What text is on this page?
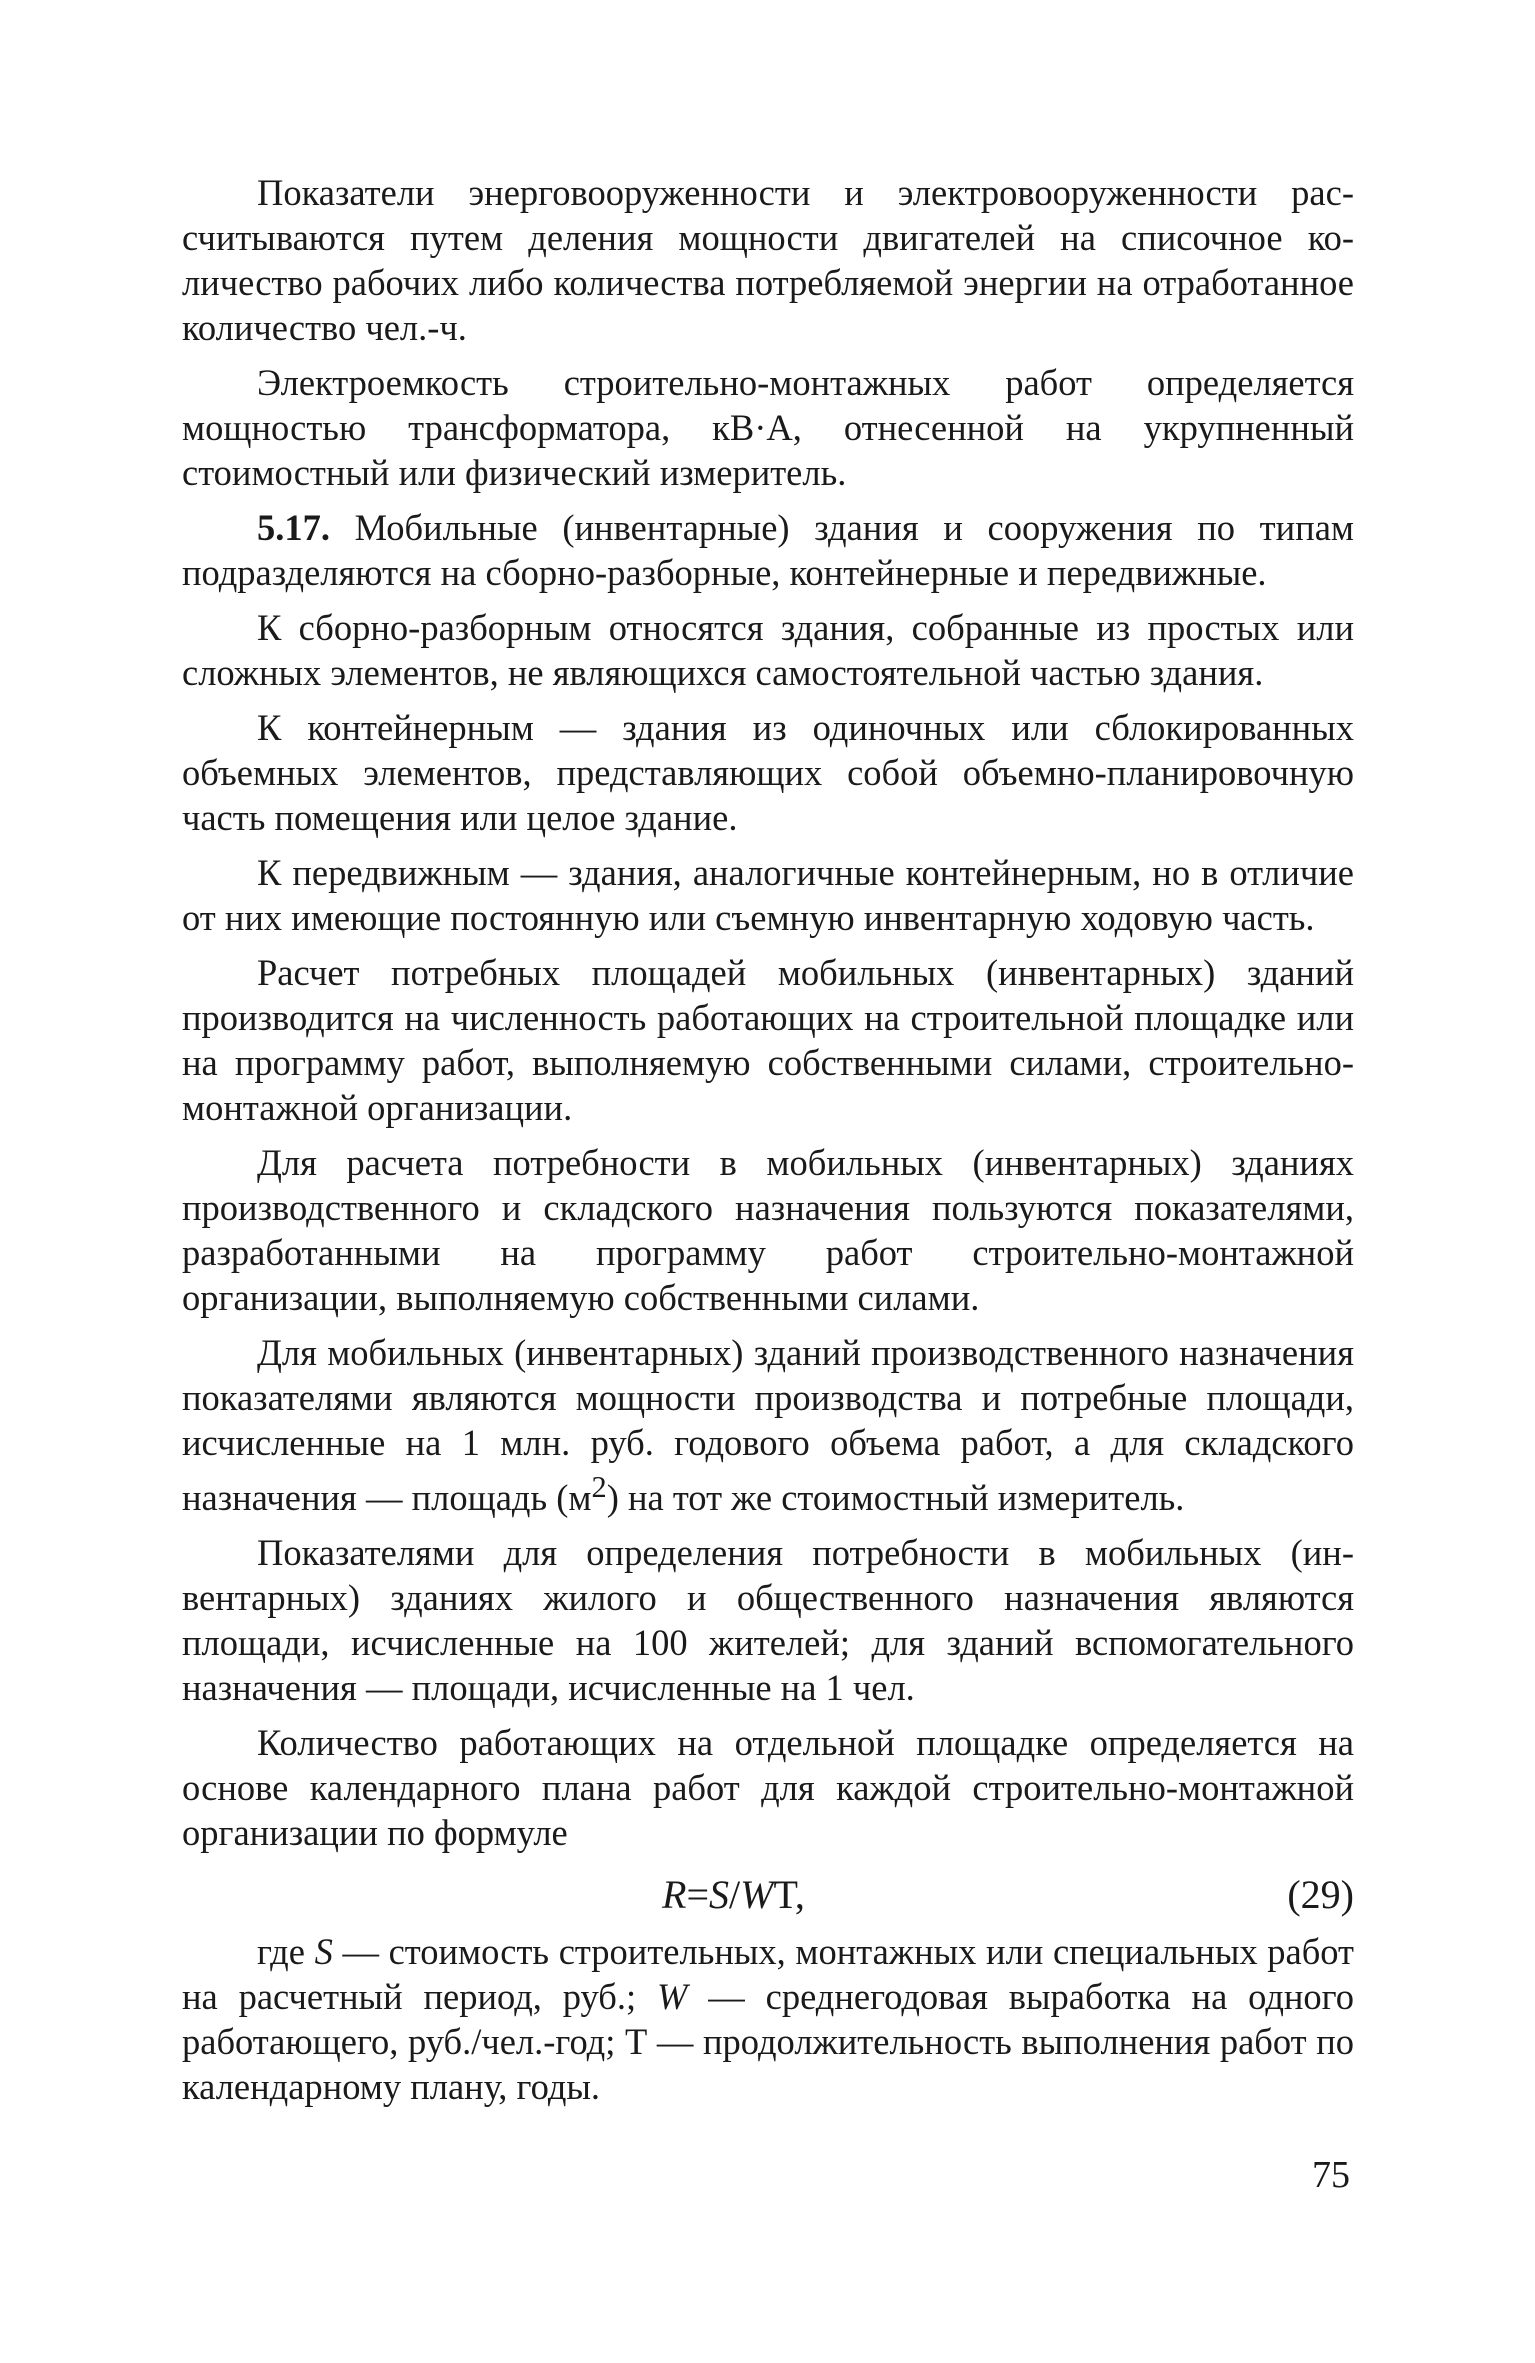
Показатели энерговооруженности и электровооруженности рассчитываются путем деления мощности двигателей на списочное количество рабочих либо количества потребляемой энергии на отработанное количество чел.-ч.

Электроемкость строительно-монтажных работ определяется мощностью трансформатора, кВ·А, отнесенной на укрупненный стоимостный или физический измеритель.

5.17. Мобильные (инвентарные) здания и сооружения по типам подразделяются на сборно-разборные, контейнерные и передвижные.

К сборно-разборным относятся здания, собранные из простых или сложных элементов, не являющихся самостоятельной частью здания.

К контейнерным — здания из одиночных или сблокированных объемных элементов, представляющих собой объемно-планировочную часть помещения или целое здание.

К передвижным — здания, аналогичные контейнерным, но в отличие от них имеющие постоянную или съемную инвентарную ходовую часть.

Расчет потребных площадей мобильных (инвентарных) зданий производится на численность работающих на строительной площадке или на программу работ, выполняемую собственными силами, строительно-монтажной организации.

Для расчета потребности в мобильных (инвентарных) зданиях производственного и складского назначения пользуются показателями, разработанными на программу работ строительно-монтажной организации, выполняемую собственными силами.

Для мобильных (инвентарных) зданий производственного назначения показателями являются мощности производства и потребные площади, исчисленные на 1 млн. руб. годового объема работ, а для складского назначения — площадь $(м^2)$ на тот же стоимостный измеритель.

Показателями для определения потребности в мобильных (инвентарных) зданиях жилого и общественного назначения являются площади, исчисленные на 100 жителей; для зданий вспомогательного назначения — площади, исчисленные на 1 чел.

Количество работающих на отдельной площадке определяется на основе календарного плана работ для каждой строительно-монтажной организации по формуле

R=S/WT,	(29)

где S — стоимость строительных, монтажных или специальных работ на расчетный период, руб.; W — среднегодовая выработка на одного работающего, руб./чел.-год; Т — продолжительность выполнения работ по календарному плану, годы.

75
